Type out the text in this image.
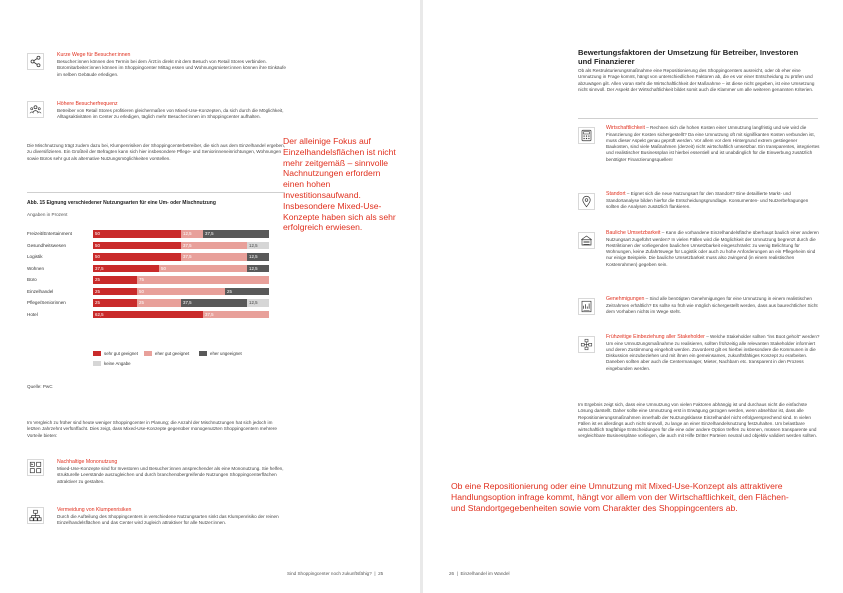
Kurze Wege für Besucher:innen
Besucher:innen können den Termin bei dem Ärzt:in direkt mit dem Besuch von Retail Stores verbinden. Büromitarbeiter:innen können im Shoppingcenter Mittag essen und Wohnungsmieter:innen können ihre Einkäufe im selben Gebäude erledigen.
Höhere Besucherfrequenz
Betreiber von Retail Stores profitieren gleichermaßen von Mixed-Use-Konzepten, da sich durch die Möglichkeit, Alltagsaktivitäten im Center zu erledigen, täglich mehr Besucher:innen im Shoppingcenter aufhalten.
Die Mischnutzung trägt zudem dazu bei, Klumpenrisiken der Shoppingcenterbetreiber, die sich aus dem Einzelhandel ergeben, zu diversifizieren. Ein Großteil der Befragten kann sich hier insbesondere Pflege- und Seniorinneneinrichtungen, Wohnungen sowie Büros sehr gut als alternative Nutzungsmöglichkeiten vorstellen.
Der alleinige Fokus auf Einzelhandelsflächen ist nicht mehr zeitgemäß – sinnvolle Nachnutzungen erfordern einen hohen Investitionsaufwand. Insbesondere Mixed-Use-Konzepte haben sich als sehr erfolgreich erwiesen.
Abb. 15 Eignung verschiedener Nutzungsarten für eine Um- oder Mischnutzung
Angaben in Prozent
Freizeit/Entertainment	50	12,5	37,5
Gesundheitswesen	50	37,5	12,5
Logistik	50	37,5	12,5
Wohnen	37,5	50	12,5
Büro	25	75
Einzelhandel	25	50	25
Pflege/Seniorinnen	25	25	37,5	12,5
Hotel	62,5	37,5
sehr gut geeignet	eher gut geeignet	eher ungeeignet
keine Angabe
Quelle: PwC
Im Vergleich zu früher sind heute weniger Shoppingcenter in Planung; die Anzahl der Mischnutzungen hat sich jedoch im letzten Jahrzehnt verfünffacht. Dies zeigt, dass Mixed-Use-Konzepte gegenüber monogenutzten Shoppingcentern mehrere Vorteile bieten:
Nachhaltige Mononutzung
Mixed-Use-Konzepte sind für Investoren und Besucher:innen ansprechender als eine Mononutzung. Sie helfen, strukturelle Leerstände auszugleichen und durch branchenübergreifende Nutzungen Shoppingcenterflächen attraktiver zu gestalten.
Vermeidung von Klumpenrisiken
Durch die Aufteilung des Shoppingcenters in verschiedene Nutzungsarten sinkt das Klumpenrisiko der reinen Einzelhandelsflächen und das Center wird zugleich attraktiver für alle Nutzer:innen.
Sind Shoppingcenter noch zukunftsfähig?  |  25
Bewertungsfaktoren der Umsetzung für Betreiber, Investoren und Finanzierer
Ob als Restrukturierungsmaßnahme eine Repositionierung des Shoppingcenters ausreicht, oder ob eher eine Umnutzung in Frage kommt, hängt von unterschiedlichen Faktoren ab, die es vor einer Entscheidung zu prüfen und abzuwägen gilt. Allen voran steht die Wirtschaftlichkeit der Maßnahme – ist diese nicht gegeben, ist eine Umsetzung nicht sinnvoll. Der Aspekt der Wirtschaftlichkeit bildet somit auch die Klammer um alle weiteren genannten Kriterien.
Wirtschaftlichkeit – Rechnen sich die hohen Kosten einer Umnutzung langfristig und wie wird die Finanzierung der Kosten sichergestellt? Da eine Umnutzung oft mit signifikanten Kosten verbunden ist, muss dieser Aspekt genau geprüft werden. Vor allem vor dem Hintergrund extrem gestiegener Baukosten, sind viele Maßnahmen (derzeit) nicht wirtschaftlich umsetzbar. Ein transparentes, integriertes und realistischer Businessplan ist hierbei essentiell und ist unabdinglich für die Einwerbung zusätzlich benötigter Finanzierungsquellen!
Standort – Eignet sich die neue Nutzungsart für den Standort? Eine detaillierte Markt- und Standortanalyse bilden hierfür die Entscheidungsgrundlage. Konsumenten- und Nutzerbefragungen sollten die Analysen zusätzlich flankieren.
Bauliche Umsetzbarkeit – Kann die vorhandene Einzelhandelsfläche überhaupt baulich einer anderen Nutzungsart zugeführt werden? In vielen Fällen wird die Möglichkeit der Umnutzung begrenzt durch die Restriktionen der vorliegenden baulichen Umsetzbarkeit eingeschränkt: zu wenig Belichtung für Wohnungen, keine Zufahrtswege für Logistik oder auch zu hohe Anforderungen an ein Pflegeheim sind nur einige Beispiele. Die bauliche Umsetzbarkeit muss also zwingend (in einem realistischen Kostenrahmen) gegeben sein.
Genehmigungen – Sind alle benötigten Genehmigungen für eine Umnutzung in einem realistischen Zeitrahmen erhältlich? Es sollte so früh wie möglich sichergestellt werden, dass aus baurechtlicher Sicht dem Vorhaben nichts im Wege steht.
Frühzeitige Einbeziehung aller Stakeholder – Welche Stakeholder sollten "ins Boot geholt" werden? Um eine Umnutzungsmaßnahme zu realisieren, sollten frühzeitig alle relevanten Stakeholder informiert und deren Zustimmung eingeholt werden. Zuvorderst gilt es hierbei insbesondere die Kommunen in die Diskussion einzubeziehen und mit ihnen ein gemeinsames, zukunftsfähiges Konzept zu erarbeiten. Daneben sollten aber auch die Centermanager, Mieter, Nachbarn etc. transparent in den Prozess eingebunden werden.
Im Ergebnis zeigt sich, dass eine Umnutzung von vielen Faktoren abhängig ist und durchaus nicht die einfachste Lösung darstellt. Daher sollte eine Umnutzung erst in Erwägung gezogen werden, wenn absehbar ist, dass alle Repositionierungsmaßnahmen innerhalb der Nutzungsklasse Einzelhandel nicht erfolgversprechend sind. In vielen Fällen ist es allerdings auch nicht sinnvoll, zu lange an einer Einzelhandelsnutzung festzuhalten. Um belastbare wirtschaftlich tragfähige Entscheidungen für die eine oder andere Option treffen zu können, müssen transparente und vergleichbare Businesspläne vorliegen, die auch mit Hilfe Dritter Parteien neutral und objektiv validiert werden sollten.
Ob eine Repositionierung oder eine Umnutzung mit Mixed-Use-Konzept als attraktivere Handlungsoption infrage kommt, hängt vor allem von der Wirtschaftlichkeit, den Flächen- und Standortgegebenheiten sowie vom Charakter des Shoppingcenters ab.
26  |  Einzelhandel im Wandel
